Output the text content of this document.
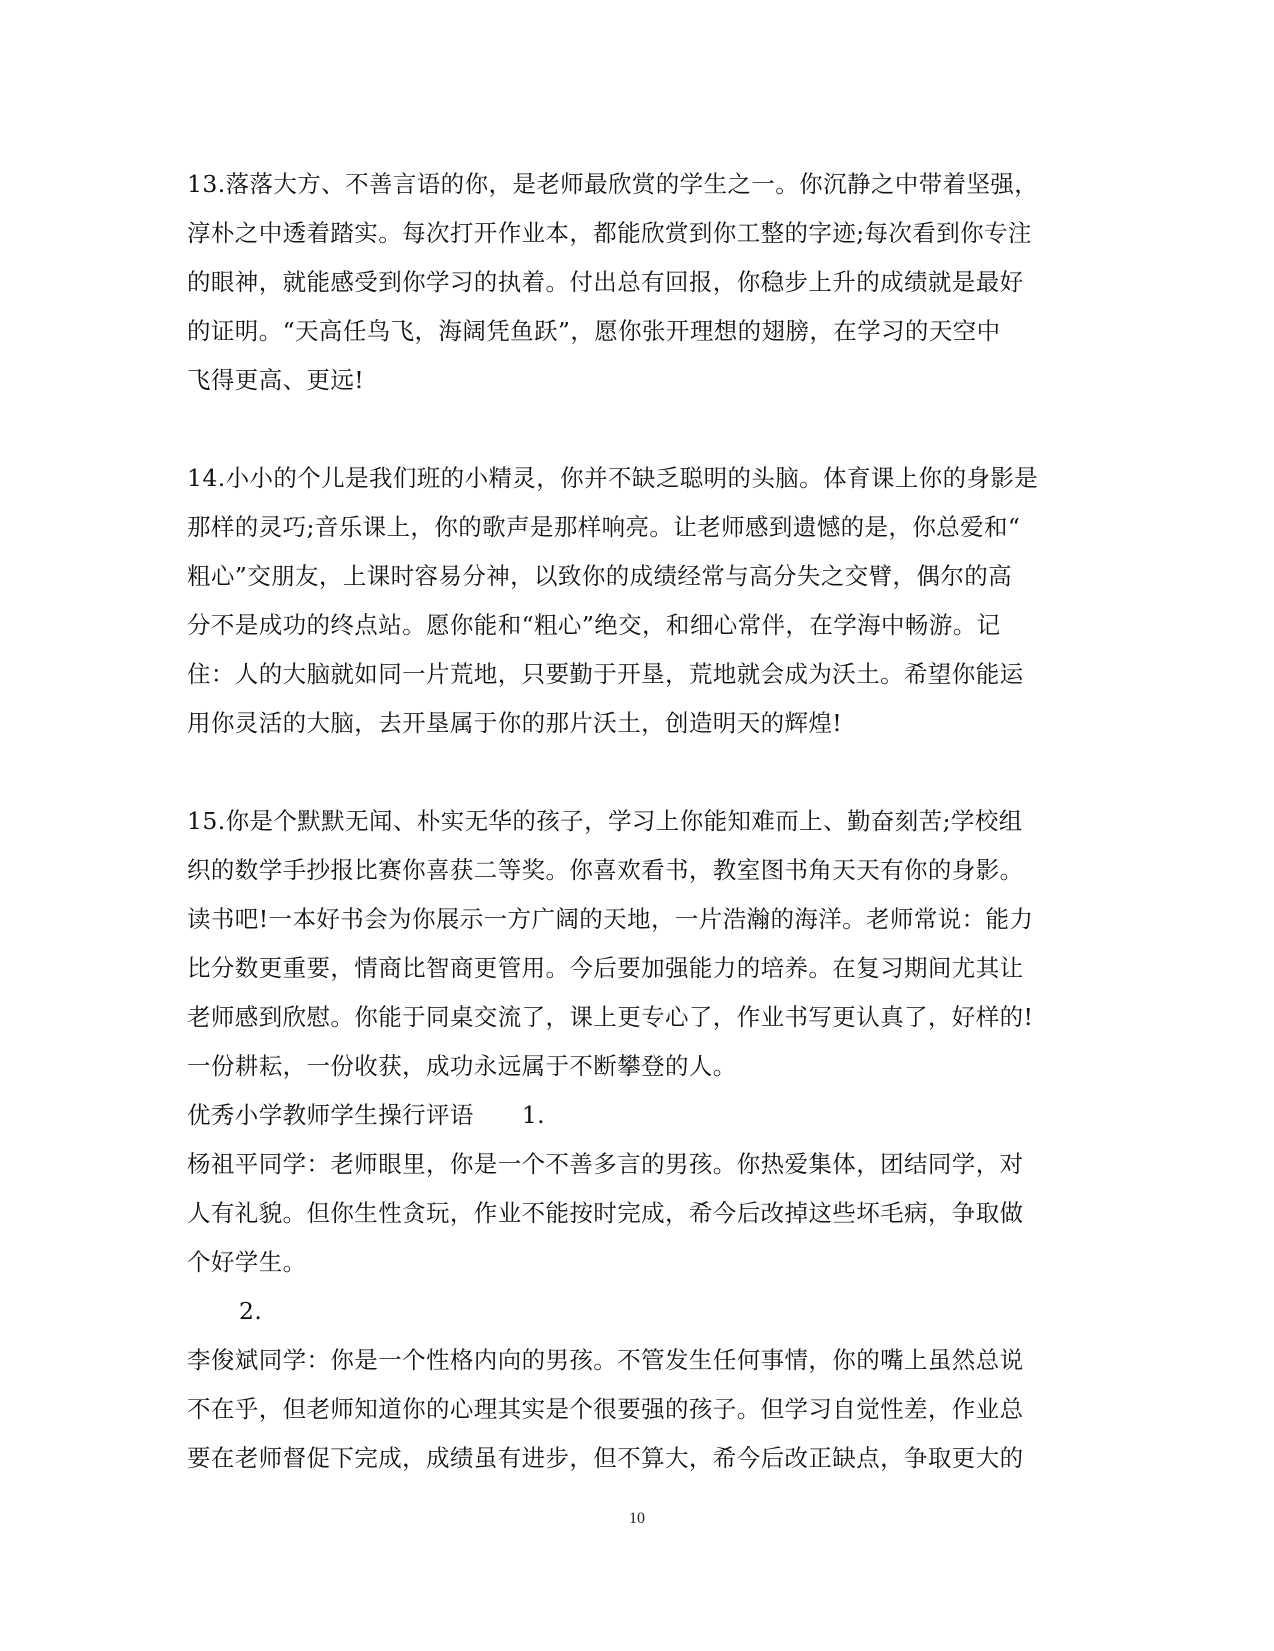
13.落落大方、不善言语的你，是老师最欣赏的学生之一。你沉静之中带着坚强，
淳朴之中透着踏实。每次打开作业本，都能欣赏到你工整的字迹;每次看到你专注
的眼神，就能感受到你学习的执着。付出总有回报，你稳步上升的成绩就是最好
的证明。“天高任鸟飞，海阔凭鱼跃”，愿你张开理想的翅膀，在学习的天空中
飞得更高、更远!
14.小小的个儿是我们班的小精灵，你并不缺乏聪明的头脑。体育课上你的身影是
那样的灵巧;音乐课上，你的歌声是那样响亮。让老师感到遗憾的是，你总爱和“
粗心”交朋友，上课时容易分神，以致你的成绩经常与高分失之交臂，偶尔的高
分不是成功的终点站。愿你能和“粗心”绝交，和细心常伴，在学海中畅游。记
住：人的大脑就如同一片荒地，只要勤于开垦，荒地就会成为沃土。希望你能运
用你灵活的大脑，去开垦属于你的那片沃土，创造明天的辉煌!
15.你是个默默无闻、朴实无华的孩子，学习上你能知难而上、勤奋刻苦;学校组
织的数学手抄报比赛你喜获二等奖。你喜欢看书，教室图书角天天有你的身影。
读书吧!一本好书会为你展示一方广阔的天地，一片浩瀚的海洋。老师常说：能力
比分数更重要，情商比智商更管用。今后要加强能力的培养。在复习期间尤其让
老师感到欣慰。你能于同桌交流了，课上更专心了，作业书写更认真了，好样的!
一份耕耘，一份收获，成功永远属于不断攀登的人。
优秀小学教师学生操行评语 1.
杨祖平同学：老师眼里，你是一个不善多言的男孩。你热爱集体，团结同学，对
人有礼貌。但你生性贪玩，作业不能按时完成，希今后改掉这些坏毛病，争取做
个好学生。
2.
李俊斌同学：你是一个性格内向的男孩。不管发生任何事情，你的嘴上虽然总说
不在乎，但老师知道你的心理其实是个很要强的孩子。但学习自觉性差，作业总
要在老师督促下完成，成绩虽有进步，但不算大，希今后改正缺点，争取更大的
10
